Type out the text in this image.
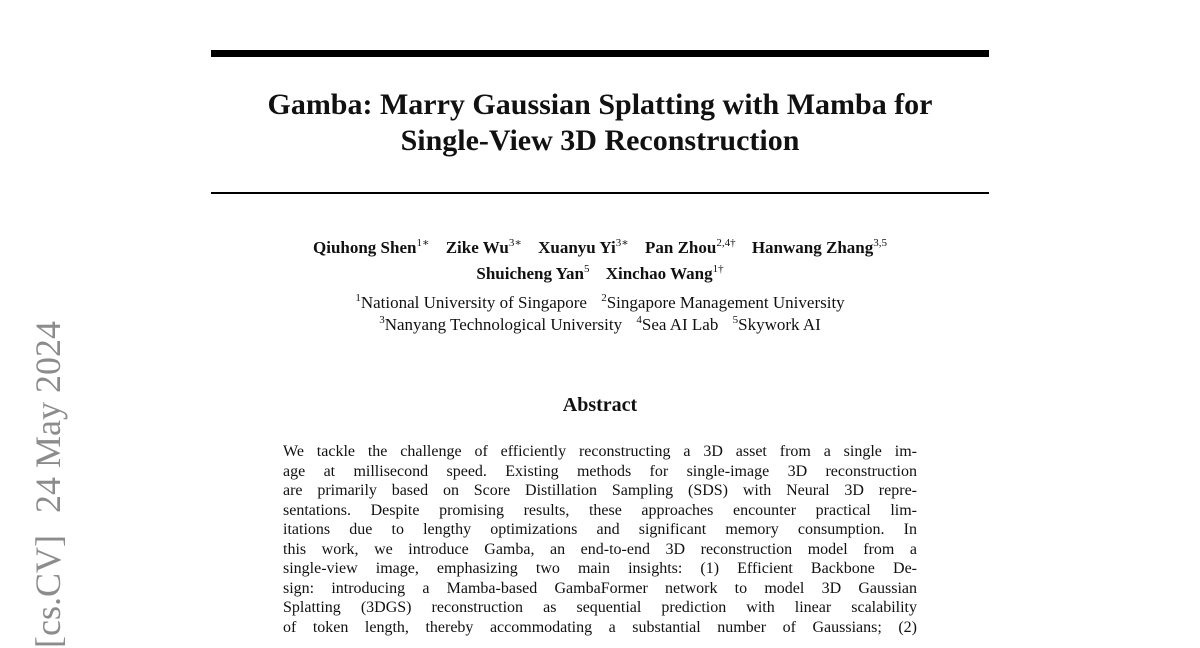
[cs.CV]24 May 2024
Gamba: Marry Gaussian Splatting with Mamba for
Single-View 3D Reconstruction
Qiuhong Shen$^{1∗}$ Zike $Wu^{3∗}$ Xuanyu $Yi^{3∗}$ Pan Zhou$^{2,4\dagger}$ Hanwang Zhang$^{3,5}$
Shuicheng Yan$^5$ Xinchao Wang$^{1\dagger}$
$^1$National University of Singapore $^2$Singapore Management University
$^3$Nanyang Technological University $^4$Sea AI Lab $^5$Skywork AI
Abstract
We tackle the challenge of efficiently reconstructing a 3D asset from a single im-
age at millisecond speed. Existing methods for single-image 3D reconstruction
are primarily based on Score Distillation Sampling (SDS) with Neural 3D repre-
sentations. Despite promising results, these approaches encounter practical lim-
itations due to lengthy optimizations and significant memory consumption. In
this work, we introduce Gamba, an end-to-end 3D reconstruction model from a
single-view image, emphasizing two main insights: (1) Efficient Backbone De-
sign: introducing a Mamba-based GambaFormer network to model 3D Gaussian
Splatting (3DGS) reconstruction as sequential prediction with linear scalability
of token length, thereby accommodating a substantial number of Gaussians; (2)
